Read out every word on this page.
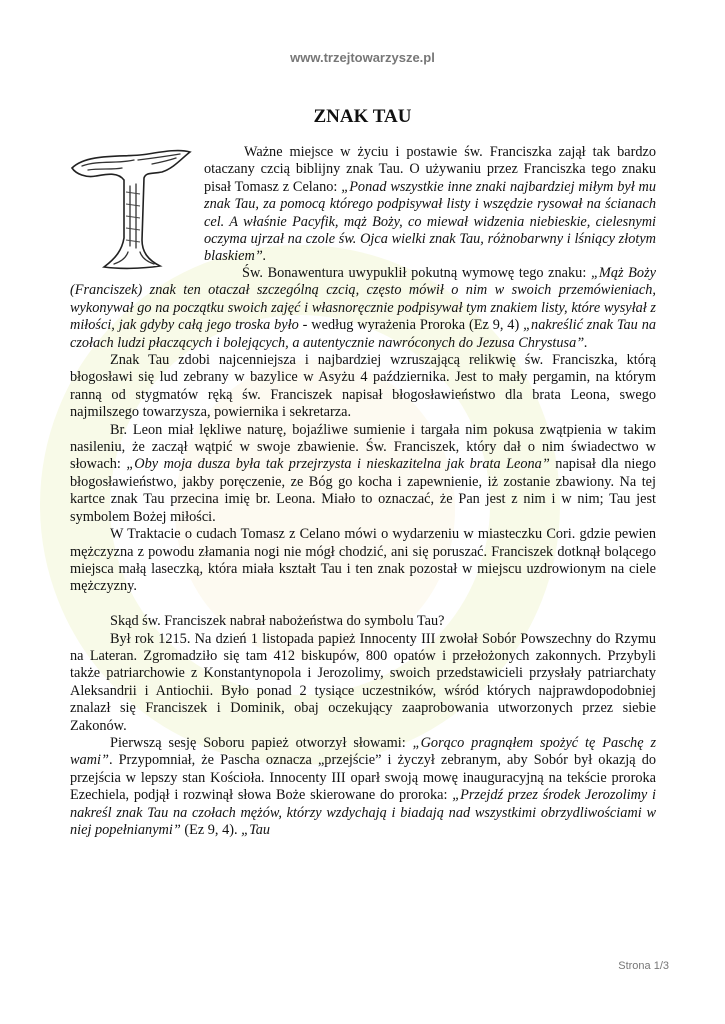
www.trzejtowarzysze.pl
ZNAK TAU

Ważne miejsce w życiu i postawie św. Franciszka zajął tak bardzo otaczany czcią biblijny znak Tau. O używaniu przez Franciszka tego znaku pisał Tomasz z Celano: „Ponad wszystkie inne znaki najbardziej miłym był mu znak Tau, za pomocą którego podpisywał listy i wszędzie rysował na ścianach cel. A właśnie Pacyfik, mąż Boży, co miewał widzenia niebieskie, cielesnymi oczyma ujrzał na czole św. Ojca wielki znak Tau, różnobarwny i lśniący złotym blaskiem”.

Św. Bonawentura uwypuklił pokutną wymowę tego znaku: „Mąż Boży (Franciszek) znak ten otaczał szczególną czcią, często mówił o nim w swoich przemówieniach, wykonywał go na początku swoich zajęć i własnoręcznie podpisywał tym znakiem listy, które wysyłał z miłości, jak gdyby całą jego troska było - według wyrażenia Proroka (Ez 9, 4) „nakreślić znak Tau na czołach ludzi płaczących i bolejących, a autentycznie nawróconych do Jezusa Chrystusa”.

Znak Tau zdobi najcenniejsza i najbardziej wzruszającą relikwię św. Franciszka, którą błogosławi się lud zebrany w bazylice w Asyżu 4 października. Jest to mały pergamin, na którym ranną od stygmatów ręką św. Franciszek napisał błogosławieństwo dla brata Leona, swego najmilszego towarzysza, powiernika i sekretarza.

Br. Leon miał lękliwe naturę, bojaźliwe sumienie i targała nim pokusa zwątpienia w takim nasileniu, że zaczął wątpić w swoje zbawienie. Św. Franciszek, który dał o nim świadectwo w słowach: „Oby moja dusza była tak przejrzysta i nieskazitelna jak brata Leona” napisał dla niego błogosławieństwo, jakby poręczenie, ze Bóg go kocha i zapewnienie, iż zostanie zbawiony. Na tej kartce znak Tau przecina imię br. Leona. Miało to oznaczać, że Pan jest z nim i w nim; Tau jest symbolem Bożej miłości.

W Traktacie o cudach Tomasz z Celano mówi o wydarzeniu w miasteczku Cori. gdzie pewien mężczyzna z powodu złamania nogi nie mógł chodzić, ani się poruszać. Franciszek dotknął bolącego miejsca małą laseczką, która miała kształt Tau i ten znak pozostał w miejscu uzdrowionym na ciele mężczyzny.

Skąd św. Franciszek nabrał nabożeństwa do symbolu Tau?

Był rok 1215. Na dzień 1 listopada papież Innocenty III zwołał Sobór Powszechny do Rzymu na Lateran. Zgromadziło się tam 412 biskupów, 800 opatów i przełożonych zakonnych. Przybyli także patriarchowie z Konstantynopola i Jerozolimy, swoich przedstawicieli przysłały patriarchaty Aleksandrii i Antiochii. Było ponad 2 tysiące uczestników, wśród których najprawdopodobniej znalazł się Franciszek i Dominik, obaj oczekujący zaaprobowania utworzonych przez siebie Zakonów.

Pierwszą sesję Soboru papież otworzył słowami: „Gorąco pragnąłem spożyć tę Paschę z wami”. Przypomniał, że Pascha oznacza „przejście” i życzył zebranym, aby Sobór był okazją do przejścia w lepszy stan Kościoła. Innocenty III oparł swoją mowę inauguracyjną na tekście proroka Ezechiela, podjął i rozwinął słowa Boże skierowane do proroka: „Przejdź przez środek Jerozolimy i nakreśl znak Tau na czołach mężów, którzy wzdychają i biadają nad wszystkimi obrzydliwościami w niej popełnianymi” (Ez 9, 4). „Tau

Strona 1/3
